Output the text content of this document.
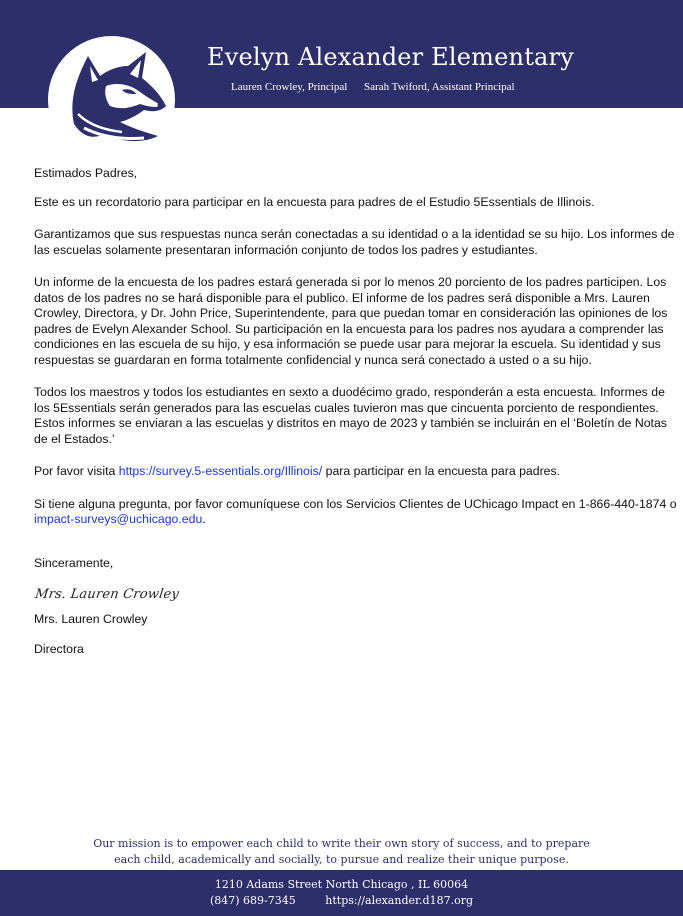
Evelyn Alexander Elementary
Lauren Crowley, Principal Sarah Twiford, Assistant Principal

Estimados Padres,

Este es un recordatorio para participar en la encuesta para padres de el Estudio 5Essentials de Illinois.

Garantizamos que sus respuestas nunca serán conectadas a su identidad o a la identidad se su hijo. Los informes de las escuelas solamente presentaran información conjunto de todos los padres y estudiantes.

Un informe de la encuesta de los padres estará generada si por lo menos 20 porciento de los padres participen. Los datos de los padres no se hará disponible para el publico. El informe de los padres será disponible a Mrs. Lauren Crowley, Directora, y Dr. John Price, Superintendente, para que puedan tomar en consideración las opiniones de los padres de Evelyn Alexander School. Su participación en la encuesta para los padres nos ayudara a comprender las condiciones en las escuela de su hijo, y esa información se puede usar para mejorar la escuela. Su identidad y sus respuestas se guardaran en forma totalmente confidencial y nunca será conectado a usted o a su hijo.

Todos los maestros y todos los estudiantes en sexto a duodécimo grado, responderán a esta encuesta. Informes de los 5Essentials serán generados para las escuelas cuales tuvieron mas que cincuenta porciento de respondientes. Estos informes se enviaran a las escuelas y distritos en mayo de 2023 y también se incluirán en el ‘Boletín de Notas de el Estados.’

Por favor visita https://survey.5-essentials.org/Illinois/ para participar en la encuesta para padres.

Si tiene alguna pregunta, por favor comuníquese con los Servicios Clientes de UChicago Impact en 1-866-440-1874 o impact-surveys@uchicago.edu.

Sinceramente,

Mrs. Lauren Crowley

Mrs. Lauren Crowley

Directora

Our mission is to empower each child to write their own story of success, and to prepare
each child, academically and socially, to pursue and realize their unique purpose.
1210 Adams Street North Chicago , IL 60064
(847) 689-7345	https://alexander.d187.org
